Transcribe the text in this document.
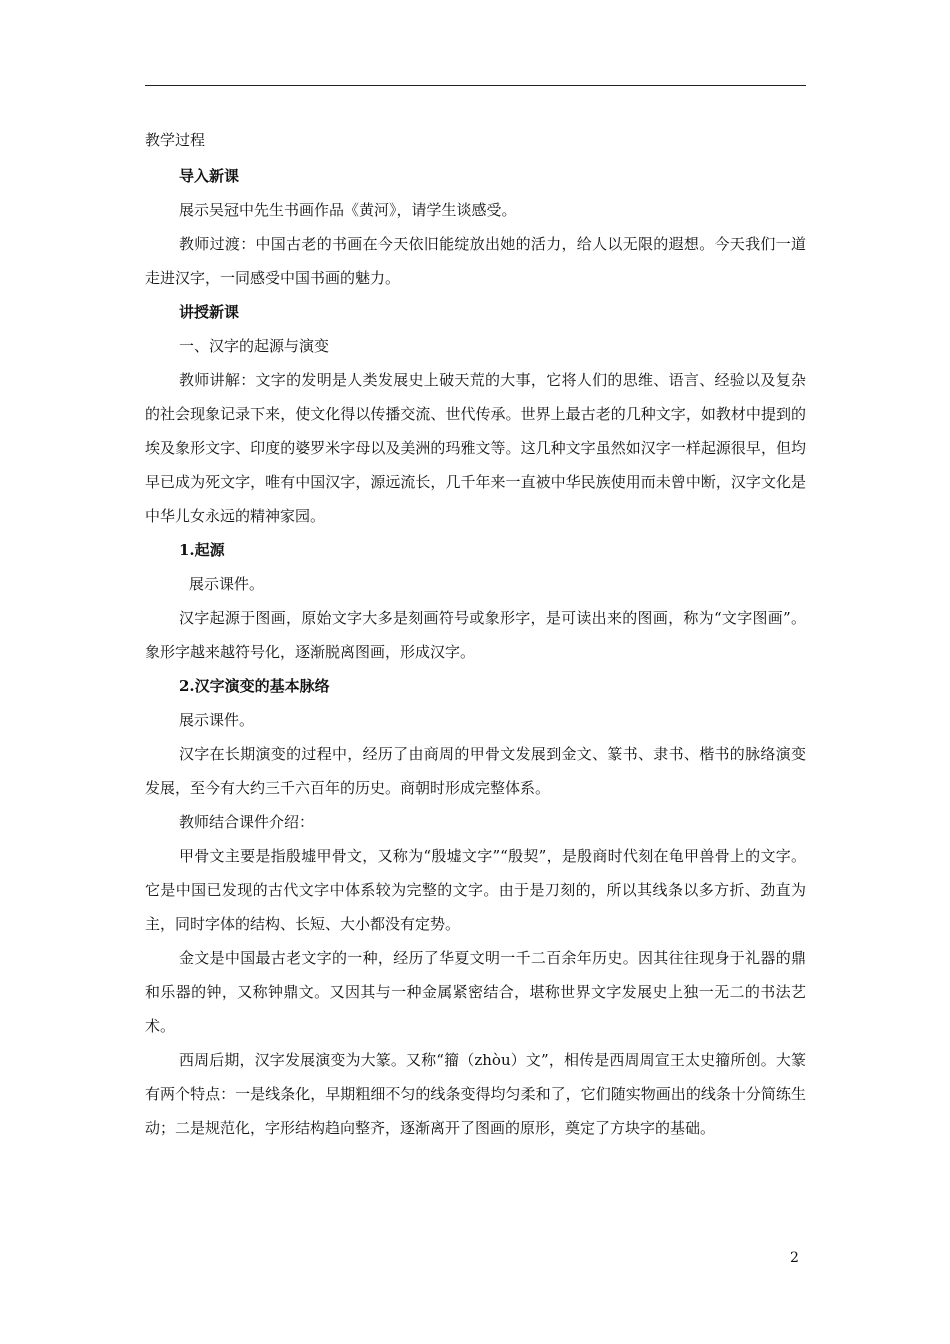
教学过程

导入新课

展示吴冠中先生书画作品《黄河》，请学生谈感受。

教师过渡：中国古老的书画在今天依旧能绽放出她的活力，给人以无限的遐想。今天我们一道走进汉字，一同感受中国书画的魅力。

讲授新课

一、汉字的起源与演变

教师讲解：文字的发明是人类发展史上破天荒的大事，它将人们的思维、语言、经验以及复杂的社会现象记录下来，使文化得以传播交流、世代传承。世界上最古老的几种文字，如教材中提到的埃及象形文字、印度的婆罗米字母以及美洲的玛雅文等。这几种文字虽然如汉字一样起源很早，但均早已成为死文字，唯有中国汉字，源远流长，几千年来一直被中华民族使用而未曾中断，汉字文化是中华儿女永远的精神家园。

1.起源

展示课件。

汉字起源于图画，原始文字大多是刻画符号或象形字，是可读出来的图画，称为“文字图画”。象形字越来越符号化，逐渐脱离图画，形成汉字。

2.汉字演变的基本脉络

展示课件。

汉字在长期演变的过程中，经历了由商周的甲骨文发展到金文、篆书、隶书、楷书的脉络演变发展，至今有大约三千六百年的历史。商朝时形成完整体系。

教师结合课件介绍：

甲骨文主要是指殷墟甲骨文，又称为“殷墟文字”“殷契”，是殷商时代刻在龟甲兽骨上的文字。它是中国已发现的古代文字中体系较为完整的文字。由于是刀刻的，所以其线条以多方折、劲直为主，同时字体的结构、长短、大小都没有定势。

金文是中国最古老文字的一种，经历了华夏文明一千二百余年历史。因其往往现身于礼器的鼎和乐器的钟，又称钟鼎文。又因其与一种金属紧密结合，堪称世界文字发展史上独一无二的书法艺术。

西周后期，汉字发展演变为大篆。又称“籀（zhòu）文”，相传是西周周宣王太史籀所创。大篆有两个特点：一是线条化，早期粗细不匀的线条变得均匀柔和了，它们随实物画出的线条十分简练生动；二是规范化，字形结构趋向整齐，逐渐离开了图画的原形，奠定了方块字的基础。

2
